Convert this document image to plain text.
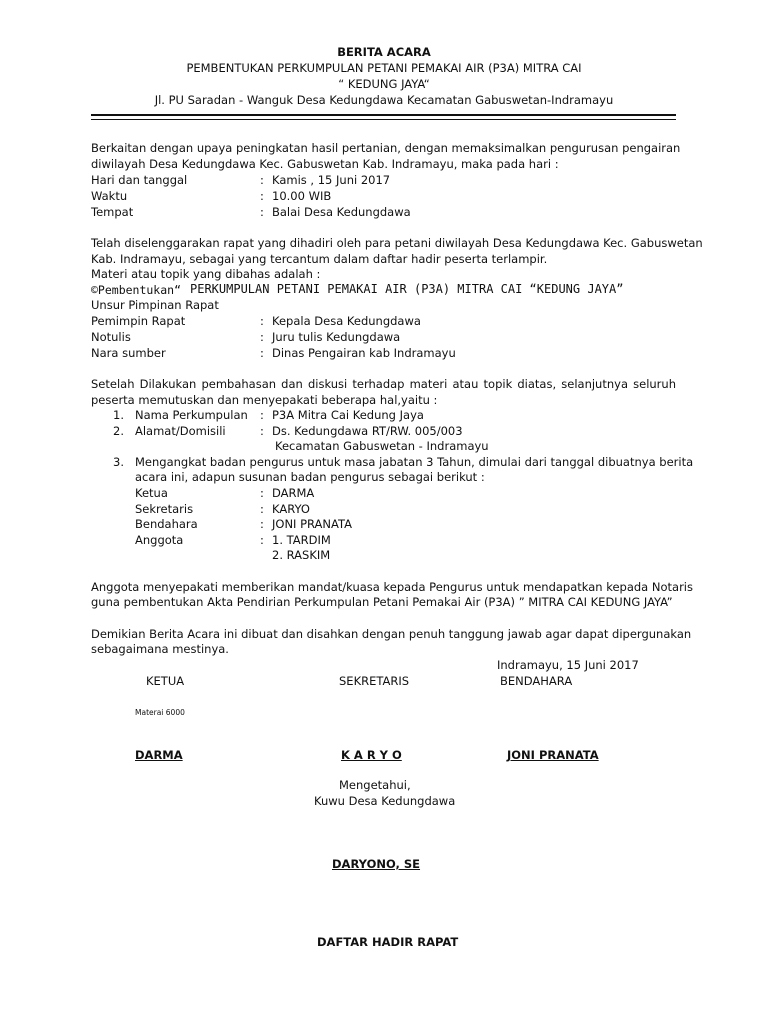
BERITA ACARA
PEMBENTUKAN PERKUMPULAN PETANI PEMAKAI AIR (P3A) MITRA CAI
“ KEDUNG JAYA“
Jl. PU Saradan - Wanguk Desa Kedungdawa Kecamatan Gabuswetan-Indramayu
Berkaitan dengan upaya peningkatan hasil pertanian, dengan memaksimalkan pengurusan pengairan
diwilayah Desa Kedungdawa Kec. Gabuswetan Kab. Indramayu, maka pada hari :
Hari dan tanggal	: Kamis , 15 Juni 2017
Waktu	: 10.00 WIB
Tempat	: Balai Desa Kedungdawa
Telah diselenggarakan rapat yang dihadiri oleh para petani diwilayah Desa Kedungdawa Kec. Gabuswetan
Kab. Indramayu, sebagai yang tercantum dalam daftar hadir peserta terlampir.
Materi atau topik yang dibahas adalah :
©Pembentukan“ PERKUMPULAN PETANI PEMAKAI AIR (P3A) MITRA CAI “KEDUNG JAYA”
Unsur Pimpinan Rapat
Pemimpin Rapat	: Kepala Desa Kedungdawa
Notulis	: Juru tulis Kedungdawa
Nara sumber	: Dinas Pengairan kab Indramayu
Setelah Dilakukan pembahasan dan diskusi terhadap materi atau topik diatas, selanjutnya seluruh
peserta memutuskan dan menyepakati beberapa hal,yaitu :
1. Nama Perkumpulan : P3A Mitra Cai Kedung Jaya
2. Alamat/Domisili	: Ds. Kedungdawa RT/RW. 005/003
Kecamatan Gabuswetan - Indramayu
3. Mengangkat badan pengurus untuk masa jabatan 3 Tahun, dimulai dari tanggal dibuatnya berita
acara ini, adapun susunan badan pengurus sebagai berikut :
Ketua	: DARMA
Sekretaris	: KARYO
Bendahara	: JONI PRANATA
Anggota	: 1. TARDIM
2. RASKIM
Anggota menyepakati memberikan mandat/kuasa kepada Pengurus untuk mendapatkan kepada Notaris
guna pembentukan Akta Pendirian Perkumpulan Petani Pemakai Air (P3A) ” MITRA CAI KEDUNG JAYA”
Demikian Berita Acara ini dibuat dan disahkan dengan penuh tanggung jawab agar dapat dipergunakan
sebagaimana mestinya.
Indramayu, 15 Juni 2017
KETUA	SEKRETARIS	BENDAHARA
Materai 6000
DARMA	K A R Y O	JONI PRANATA
Mengetahui,
Kuwu Desa Kedungdawa
DARYONO, SE
DAFTAR HADIR RAPAT
